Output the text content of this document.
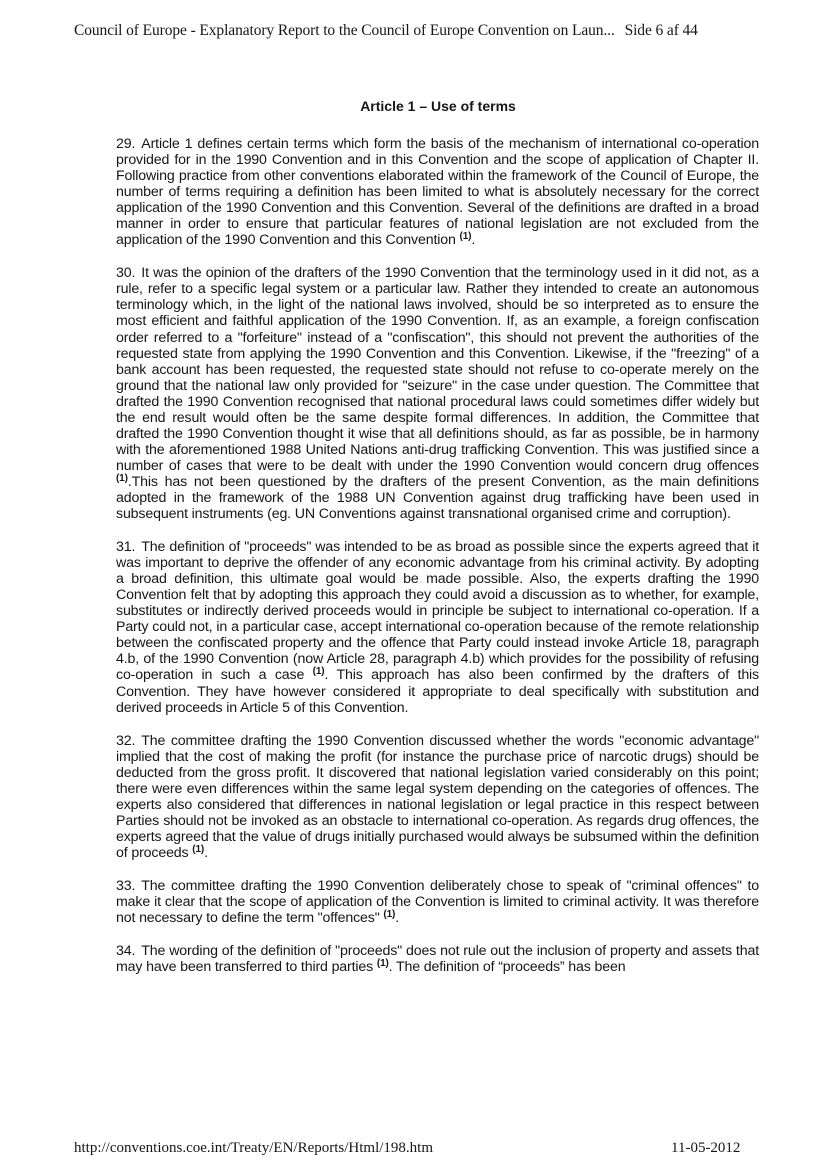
Council of Europe - Explanatory Report to the Council of Europe Convention on Laun... Side 6 af 44
Article 1 – Use of terms

29. Article 1 defines certain terms which form the basis of the mechanism of international co-operation provided for in the 1990 Convention and in this Convention and the scope of application of Chapter II. Following practice from other conventions elaborated within the framework of the Council of Europe, the number of terms requiring a definition has been limited to what is absolutely necessary for the correct application of the 1990 Convention and this Convention. Several of the definitions are drafted in a broad manner in order to ensure that particular features of national legislation are not excluded from the application of the 1990 Convention and this Convention $^{(1)}$.

30. It was the opinion of the drafters of the 1990 Convention that the terminology used in it did not, as a rule, refer to a specific legal system or a particular law. Rather they intended to create an autonomous terminology which, in the light of the national laws involved, should be so interpreted as to ensure the most efficient and faithful application of the 1990 Convention. If, as an example, a foreign confiscation order referred to a "forfeiture" instead of a "confiscation", this should not prevent the authorities of the requested state from applying the 1990 Convention and this Convention. Likewise, if the "freezing" of a bank account has been requested, the requested state should not refuse to co-operate merely on the ground that the national law only provided for "seizure" in the case under question. The Committee that drafted the 1990 Convention recognised that national procedural laws could sometimes differ widely but the end result would often be the same despite formal differences. In addition, the Committee that drafted the 1990 Convention thought it wise that all definitions should, as far as possible, be in harmony with the aforementioned 1988 United Nations anti-drug trafficking Convention. This was justified since a number of cases that were to be dealt with under the 1990 Convention would concern drug offences $^{(1)}$.This has not been questioned by the drafters of the present Convention, as the main definitions adopted in the framework of the 1988 UN Convention against drug trafficking have been used in subsequent instruments (eg. UN Conventions against transnational organised crime and corruption).

31. The definition of "proceeds" was intended to be as broad as possible since the experts agreed that it was important to deprive the offender of any economic advantage from his criminal activity. By adopting a broad definition, this ultimate goal would be made possible. Also, the experts drafting the 1990 Convention felt that by adopting this approach they could avoid a discussion as to whether, for example, substitutes or indirectly derived proceeds would in principle be subject to international co-operation. If a Party could not, in a particular case, accept international co-operation because of the remote relationship between the confiscated property and the offence that Party could instead invoke Article 18, paragraph 4.b, of the 1990 Convention (now Article 28, paragraph 4.b) which provides for the possibility of refusing co-operation in such a case $^{(1)}$. This approach has also been confirmed by the drafters of this Convention. They have however considered it appropriate to deal specifically with substitution and derived proceeds in Article 5 of this Convention.

32. The committee drafting the 1990 Convention discussed whether the words "economic advantage" implied that the cost of making the profit (for instance the purchase price of narcotic drugs) should be deducted from the gross profit. It discovered that national legislation varied considerably on this point; there were even differences within the same legal system depending on the categories of offences. The experts also considered that differences in national legislation or legal practice in this respect between Parties should not be invoked as an obstacle to international co-operation. As regards drug offences, the experts agreed that the value of drugs initially purchased would always be subsumed within the definition of proceeds $^{(1)}$.

33. The committee drafting the 1990 Convention deliberately chose to speak of "criminal offences" to make it clear that the scope of application of the Convention is limited to criminal activity. It was therefore not necessary to define the term "offences" $^{(1)}$.

34. The wording of the definition of "proceeds" does not rule out the inclusion of property and assets that may have been transferred to third parties $^{(1)}$. The definition of “proceeds” has been

http://conventions.coe.int/Treaty/EN/Reports/Html/198.htm	11-05-2012
